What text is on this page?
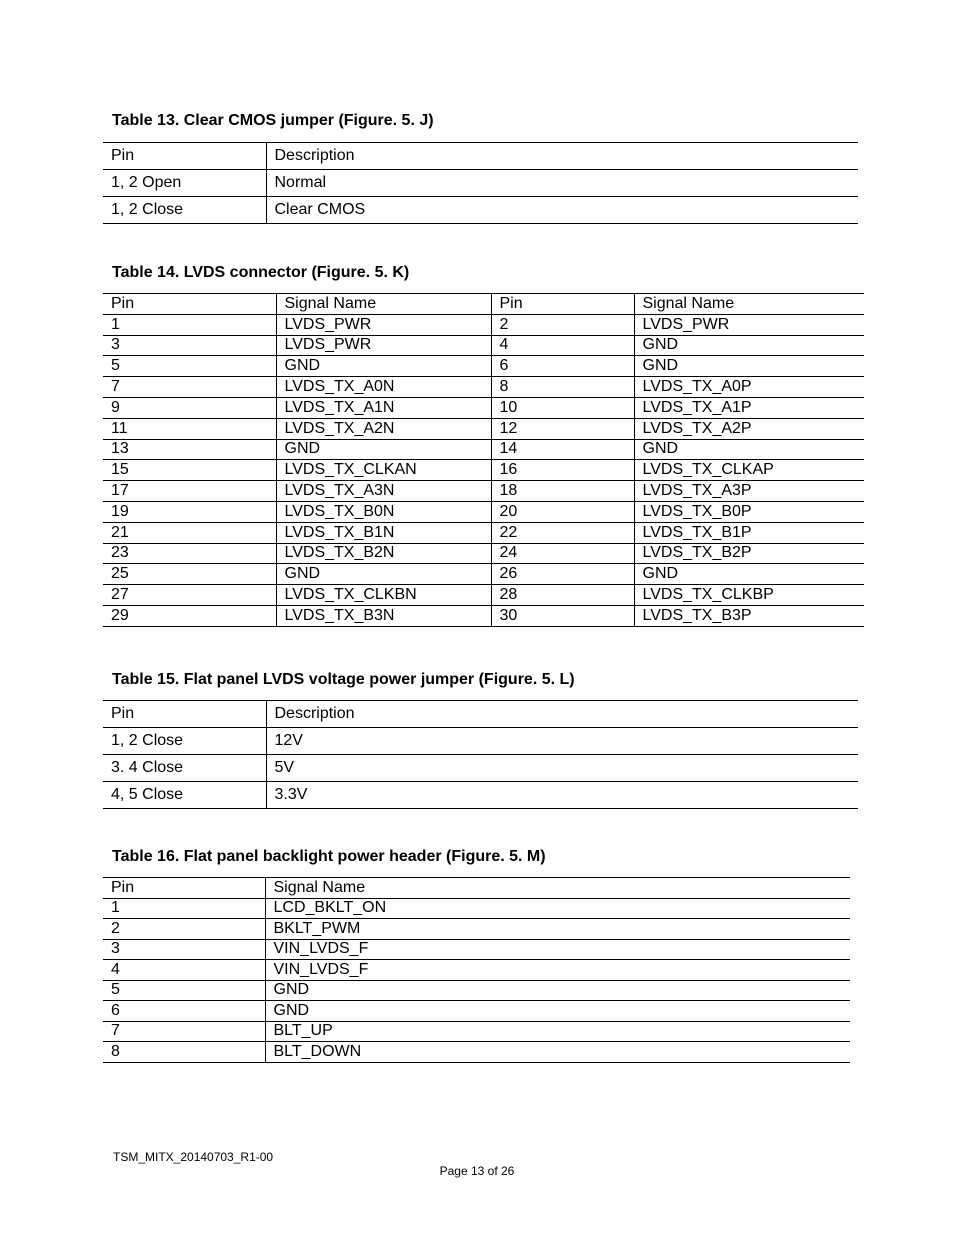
Table 13. Clear CMOS jumper (Figure. 5. J)
Pin	Description
1, 2 Open	Normal
1, 2 Close	Clear CMOS
Table 14. LVDS connector (Figure. 5. K)
Pin	Signal Name	Pin	Signal Name
1	LVDS_PWR	2	LVDS_PWR
3	LVDS_PWR	4	GND
5	GND	6	GND
7	LVDS_TX_A0N	8	LVDS_TX_A0P
9	LVDS_TX_A1N	10	LVDS_TX_A1P
11	LVDS_TX_A2N	12	LVDS_TX_A2P
13	GND	14	GND
15	LVDS_TX_CLKAN	16	LVDS_TX_CLKAP
17	LVDS_TX_A3N	18	LVDS_TX_A3P
19	LVDS_TX_B0N	20	LVDS_TX_B0P
21	LVDS_TX_B1N	22	LVDS_TX_B1P
23	LVDS_TX_B2N	24	LVDS_TX_B2P
25	GND	26	GND
27	LVDS_TX_CLKBN	28	LVDS_TX_CLKBP
29	LVDS_TX_B3N	30	LVDS_TX_B3P
Table 15. Flat panel LVDS voltage power jumper (Figure. 5. L)
Pin	Description
1, 2 Close	12V
3. 4 Close	5V
4, 5 Close	3.3V
Table 16. Flat panel backlight power header (Figure. 5. M)
Pin	Signal Name
1	LCD_BKLT_ON
2	BKLT_PWM
3	VIN_LVDS_F
4	VIN_LVDS_F
5	GND
6	GND
7	BLT_UP
8	BLT_DOWN
TSM_MITX_20140703_R1-00
Page 13 of 26
